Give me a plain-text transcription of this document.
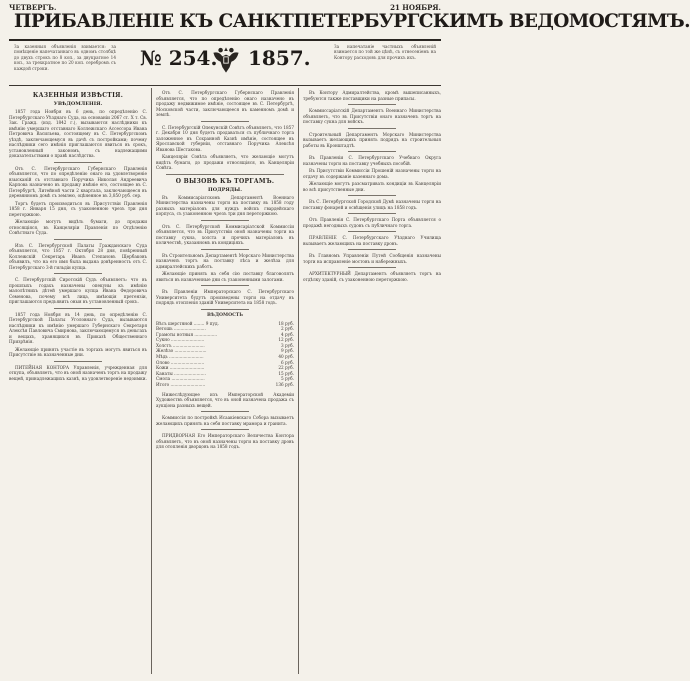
ЧЕТВЕРГЪ.	21 НОЯБРЯ.
ПРИБАВЛЕНІЕ КЪ САНКТПЕТЕРБУРГСКИМЪ ВЕДОМОСТЯМЪ.
За казенныя объявленія взимается: за помѣщеніе напечатаннаго въ одномъ столбцѣ до двухъ строкъ по 8 коп., за двукратное 14 коп., за трехкратное по 20 коп. серебромъ съ каждой строки.
За напечатаніе частныхъ объявленій взимается по той же цѣнѣ, съ отнесеніемъ на Контору расходовъ для прочихъ ихъ.
№ 254. 1857.
КАЗЕННЫЯ ИЗВѢСТІЯ.
УВѢДОМЛЕНІЯ.
1857 года Ноября въ 6 день, по опредѣленію С. Петербургскаго Уѣзднаго Суда, на основаніи 2067 ст. X т. Св. Зак. Гражд. (изд. 1842 г.), вызываются наслѣдники къ имѣнію умершаго отставнаго Коллежскаго Ассессора Ивана Петровича Васильева, состоящему въ С. Петербургскомъ уѣздѣ, заключающемуся въ дачѣ съ постройками; почему наслѣдники сего имѣнія приглашаются явиться въ срокъ, установленный закономъ, съ надлежащими доказательствами о правѣ наслѣдства.
Отъ С. Петербургскаго Губернскаго Правленія объявляется, что по опредѣленію онаго на удовлетвореніе взысканій съ отставнаго Поручика Николая Андреевича Карпова назначено въ продажу имѣніе его, состоящее въ С. Петербургѣ, Литейной части 2 квартала, заключающееся въ деревянномъ домѣ съ землею, оцѣненное въ 3,850 руб. сер.
Торгъ будетъ производиться въ Присутствіи Правленія 1858 г. Января 15 дня, съ узаконенною чрезъ три дня переторжкою.
Желающіе могутъ видѣть бумаги, до продажи относящіяся, въ Канцеляріи Правленія по Отдѣленію Совѣстнаго Суда.
Изъ С. Петербургской Палаты Гражданскаго Суда объявляется, что 1857 г. Октября 28 дня, повѣренный Коллежскій Секретарь Иванъ Степановъ Щербаковъ объявилъ, что на его имя была выдана довѣренность отъ С. Петербургскаго 3-й гильдіи купца.
С. Петербургскій Сиротскій Судъ объявляетъ: что въ прошлыхъ годахъ назначены опекуны къ имѣнію малолѣтнихъ дѣтей умершаго купца Ивана Федоровича Семенова, почему всѣ лица, имѣющія претензіи, приглашаются предъявить оныя въ установленный срокъ.
1857 года Ноября въ 14 день, по опредѣленію С. Петербургской Палаты Уголовнаго Суда, вызываются наслѣдники къ имѣнію умершаго Губернскаго Секретаря Алексѣя Павловича Смирнова, заключающемуся въ деньгахъ и вещахъ, хранящихся въ Приказѣ Общественнаго Призрѣнія.
Желающіе принять участіе въ торгахъ могутъ явиться въ Присутствіе въ назначенные дни.
ПИТЕЙНАЯ КОНТОРА Управленія, учрежденная для откупа, объявляетъ, что въ оной назначенъ торгъ на продажу вещей, принадлежащихъ казнѣ, на удовлетвореніе недоимки.
Отъ С. Петербургскаго Губернскаго Правленія объявляется, что по опредѣленію онаго назначено въ продажу недвижимое имѣніе, состоящее въ С. Петербургѣ, Московской части, заключающееся въ каменномъ домѣ и землѣ.
С. Петербургскій Опекунскій Совѣтъ объявляетъ, что 1857 г. Декабря 10 дня будетъ продаваться съ публичнаго торга заложенное въ Сохранной Казнѣ имѣніе, состоящее въ Ярославской губерніи, отставнаго Поручика Алексѣя Иванова Шестакова.
Канцелярія Совѣта объявляетъ, что желающіе могутъ видѣть бумаги, до продажи относящіяся, въ Канцеляріи Совѣта.
О ВЫЗОВѢ КЪ ТОРГАМЪ.
ПОДРЯДЫ.
Въ Коммисаріатскомъ Департаментѣ Военнаго Министерства назначены торги на поставку въ 1858 году разныхъ матеріаловъ для нуждъ войскъ гвардейскаго корпуса, съ узаконенною чрезъ три дня переторжкою.
Отъ С. Петербургской Коммисаріатской Коммиссіи объявляется, что въ Присутствіи оной назначены торги на поставку сукна, холста и прочихъ матеріаловъ въ количествѣ, указанномъ въ кондиціяхъ.
Въ Строительномъ Департаментѣ Морскаго Министерства назначенъ торгъ на поставку лѣса и желѣза для адмиралтейскихъ работъ.
Желающіе принять на себя сію поставку благоволятъ явиться въ назначенные дни съ узаконенными залогами.
Въ Правленіи Императорскаго С. Петербургскаго Университета будутъ произведены торги на отдачу въ подрядъ отопленія зданій Университета на 1858 годъ.
ВѢДОМОСТЬ
Вѣсъ шерстяной ........ 9 пуд.	18 руб.
Ветошь ........................	2 руб.
Грамоты нотныя .................	4 руб.
Сукно .........................	12 руб.
Холстъ ........................	3 руб.
Желѣзо ........................	9 руб.
Мѣдь ..........................	40 руб.
Олово .........................	6 руб.
Кожи ..........................	22 руб.
Канаты ........................	15 руб.
Смола .........................	5 руб.
Итого ..........................	136 руб.
Нижеслѣдующее изъ Императорской Академіи Художествъ объявляется, что въ оной назначена продажа съ аукціона разныхъ вещей.
Коммиссія по постройкѣ Исаакіевскаго Собора вызываетъ желающихъ принять на себя поставку мрамора и гранита.
ПРИДВОРНАЯ Его Императорскаго Величества Контора объявляетъ, что въ оной назначены торги на поставку дровъ для отопленія дворцовъ на 1858 годъ.
Въ Контору Адмиралтейства, кромѣ вышеписанныхъ, требуются также поставщики на разные припасы.
Коммиссаріатскій Департаментъ Военнаго Министерства объявляетъ, что въ Присутствіи онаго назначенъ торгъ на поставку сукна для войскъ.
Строительный Департаментъ Морскаго Министерства вызываетъ желающихъ принять подрядъ на строительныя работы въ Кронштадтѣ.
Въ Правленіи С. Петербургскаго Учебнаго Округа назначены торги на поставку учебныхъ пособій.
Въ Присутствіи Коммиссіи Прошеній назначены торги на отдачу въ содержаніе казеннаго дома.
Желающіе могутъ разсматривать кондиціи въ Канцеляріи во всѣ присутственные дни.
Въ С. Петербургской Городской Думѣ назначены торги на поставку фонарей и освѣщенія улицъ на 1858 годъ.
Отъ Правленія С. Петербургскаго Порта объявляется о продажѣ негодныхъ судовъ съ публичнаго торга.
ПРАВЛЕНІЕ С. Петербургскаго Уѣзднаго Училища вызываетъ желающихъ на поставку дровъ.
Въ Главномъ Управленіи Путей Сообщенія назначены торги на исправленіе мостовъ и набережныхъ.
АРХИТЕКТУРНЫЙ Департаментъ объявляетъ торгъ на отдѣлку зданій, съ узаконенною переторжкою.
